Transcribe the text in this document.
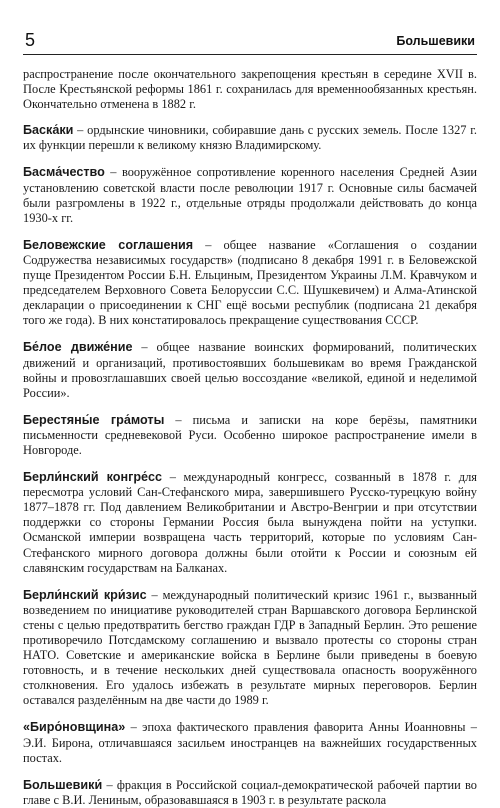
5	Большевики

распространение после окончательного закрепощения крестьян в середине XVII в. После Крестьянской реформы 1861 г. сохранилась для временнообязанных крестьян. Окончательно отменена в 1882 г.

Баска́ки – ордынские чиновники, собиравшие дань с русских земель. После 1327 г. их функции перешли к великому князю Владимирскому.

Басма́чество – вооружённое сопротивление коренного населения Средней Азии установлению советской власти после революции 1917 г. Основные силы басмачей были разгромлены в 1922 г., отдельные отряды продолжали действовать до конца 1930-х гг.

Беловежские соглашения – общее название «Соглашения о создании Содружества независимых государств» (подписано 8 декабря 1991 г. в Беловежской пуще Президентом России Б.Н. Ельциным, Президентом Украины Л.М. Кравчуком и председателем Верховного Совета Белоруссии С.С. Шушкевичем) и Алма-Атинской декларации о присоединении к СНГ ещё восьми республик (подписана 21 декабря того же года). В них констатировалось прекращение существования СССР.

Бе́лое движе́ние – общее название воинских формирований, политических движений и организаций, противостоявших большевикам во время Гражданской войны и провозглашавших своей целью воссоздание «великой, единой и неделимой России».

Берестяны́е гра́моты – письма и записки на коре берёзы, памятники письменности средневековой Руси. Особенно широкое распространение имели в Новгороде.

Берли́нский конгре́сс – международный конгресс, созванный в 1878 г. для пересмотра условий Сан-Стефанского мира, завершившего Русско-турецкую войну 1877–1878 гг. Под давлением Великобритании и Австро-Венгрии и при отсутствии поддержки со стороны Германии Россия была вынуждена пойти на уступки. Османской империи возвращена часть территорий, которые по условиям Сан-Стефанского мирного договора должны были отойти к России и союзным ей славянским государствам на Балканах.

Берли́нский кри́зис – международный политический кризис 1961 г., вызванный возведением по инициативе руководителей стран Варшавского договора Берлинской стены с целью предотвратить бегство граждан ГДР в Западный Берлин. Это решение противоречило Потсдамскому соглашению и вызвало протесты со стороны стран НАТО. Советские и американские войска в Берлине были приведены в боевую готовность, и в течение нескольких дней существовала опасность вооружённого столкновения. Его удалось избежать в результате мирных переговоров. Берлин оставался разделённым на две части до 1989 г.

«Биро́новщина» – эпоха фактического правления фаворита Анны Иоанновны – Э.И. Бирона, отличавшаяся засильем иностранцев на важнейших государственных постах.

Большевики́ – фракция в Российской социал-демократической рабочей партии во главе с В.И. Лениным, образовавшаяся в 1903 г. в результате раскола
